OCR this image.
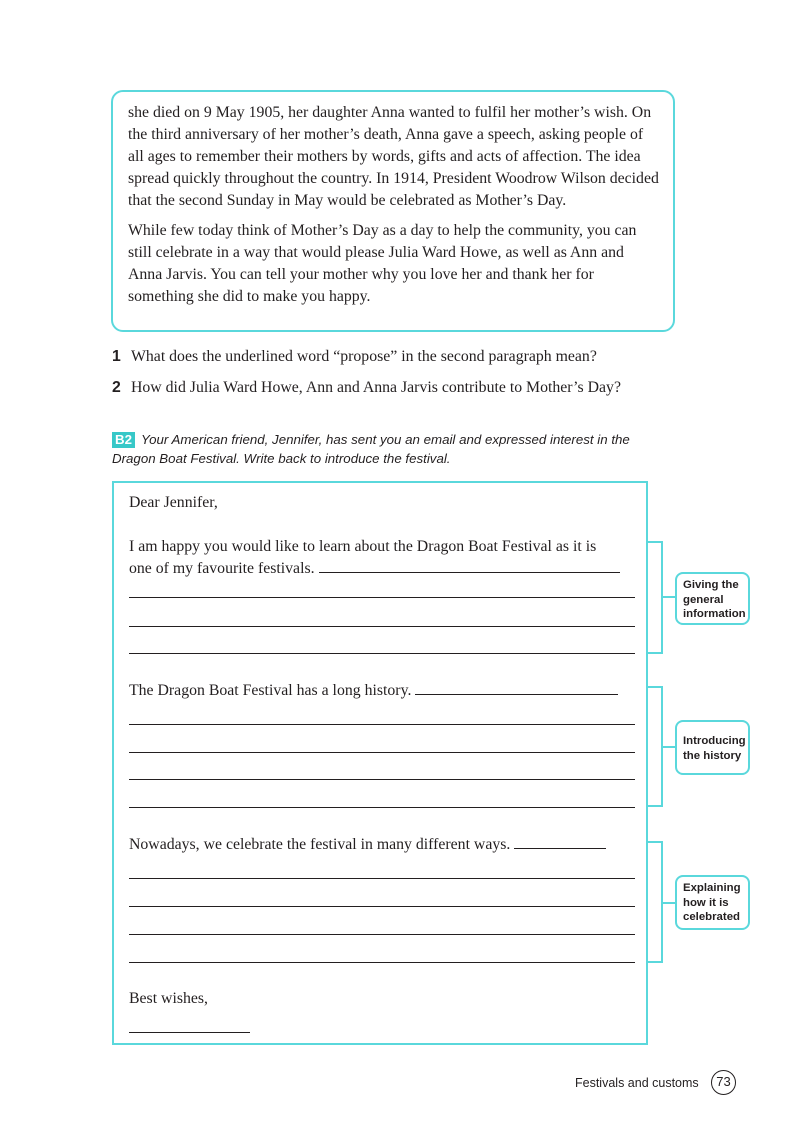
she died on 9 May 1905, her daughter Anna wanted to fulfil her mother’s wish. On the third anniversary of her mother’s death, Anna gave a speech, asking people of all ages to remember their mothers by words, gifts and acts of affection. The idea spread quickly throughout the country. In 1914, President Woodrow Wilson decided that the second Sunday in May would be celebrated as Mother’s Day.

While few today think of Mother’s Day as a day to help the community, you can still celebrate in a way that would please Julia Ward Howe, as well as Ann and Anna Jarvis. You can tell your mother why you love her and thank her for something she did to make you happy.

1 What does the underlined word “propose” in the second paragraph mean?
2 How did Julia Ward Howe, Ann and Anna Jarvis contribute to Mother’s Day?
B2 Your American friend, Jennifer, has sent you an email and expressed interest in the Dragon Boat Festival. Write back to introduce the festival.
Dear Jennifer,
I am happy you would like to learn about the Dragon Boat Festival as it is
one of my favourite festivals.
The Dragon Boat Festival has a long history.
Nowadays, we celebrate the festival in many different ways.
Best wishes,
Giving the general information
Introducing the history
Explaining how it is celebrated
Festivals and customs	73
